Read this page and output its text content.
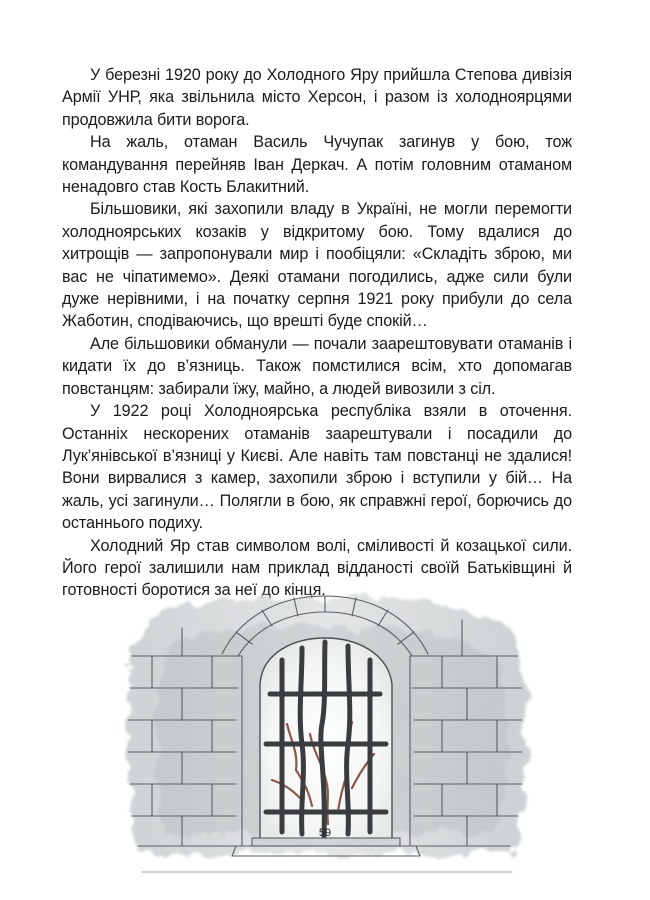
У березні 1920 року до Холодного Яру прийшла Степова дивізія Армії УНР, яка звільнила місто Херсон, і разом із холодноярцями продовжила бити ворога.

На жаль, отаман Василь Чучупак загинув у бою, тож командування перейняв Іван Деркач. А потім головним отаманом ненадовго став Кость Блакитний.

Більшовики, які захопили владу в Україні, не могли перемогти холодноярських козаків у відкритому бою. Тому вдалися до хитрощів — запропонували мир і пообіцяли: «Складіть зброю, ми вас не чіпатимемо». Деякі отамани погодились, адже сили були дуже нерівними, і на початку серпня 1921 року прибули до села Жаботин, сподіваючись, що врешті буде спокій…

Але більшовики обманули — почали заарештовувати отаманів і кидати їх до в’язниць. Також помстилися всім, хто допомагав повстанцям: забирали їжу, майно, а людей вивозили з сіл.

У 1922 році Холодноярська республіка взяли в оточення. Останніх нескорених отаманів заарештували і посадили до Лук’янівської в’язниці у Києві. Але навіть там повстанці не здалися! Вони вирвалися з камер, захопили зброю і вступили у бій… На жаль, усі загинули… Полягли в бою, як справжні герої, борючись до останнього подиху.

Холодний Яр став символом волі, сміливості й козацької сили. Його герої залишили нам приклад відданості своїй Батьківщині й готовності боротися за неї до кінця.

59
